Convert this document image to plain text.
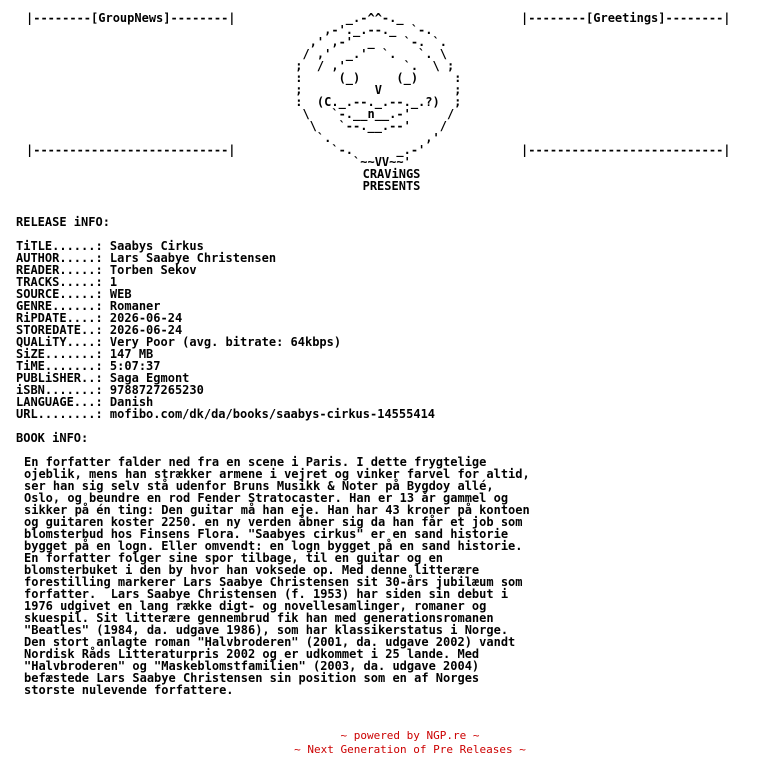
|--------[GroupNews]--------|	|--------[Greetings]--------|
_.-^^-._
,-'._.--._  `-.
,' ,-'  _    `-. `.
/ ,'  _.'  `.   `. \
;  / ,'        `.  \ ;
:     (_)     (_)     :
;          V          ;
:  (C._.--._.--._.?)  ;
\   `-.__n__.-'     /
\   `--.__.--'    /
`.             ,'
`-.      _.-'
`~~VV~~'
|---------------------------|	|---------------------------|
CRAViNGS
PRESENTS
RELEASE iNFO:
TiTLE......: Saabys Cirkus
AUTHOR.....: Lars Saabye Christensen
READER.....: Torben Sekov
TRACKS.....: 1
SOURCE.....: WEB
GENRE......: Romaner
RiPDATE....: 2026-06-24
STOREDATE..: 2026-06-24
QUALiTY....: Very Poor (avg. bitrate: 64kbps)
SiZE.......: 147 MB
TiME.......: 5:07:37
PUBLiSHER..: Saga Egmont
iSBN.......: 9788727265230
LANGUAGE...: Danish
URL........: mofibo.com/dk/da/books/saabys-cirkus-14555414
BOOK iNFO:
En forfatter falder ned fra en scene i Paris. I dette frygtelige
ojeblik, mens han strækker armene i vejret og vinker farvel for altid,
ser han sig selv stå udenfor Bruns Musikk & Noter på Bygdoy allé,
Oslo, og beundre en rod Fender Stratocaster. Han er 13 år gammel og
sikker på én ting: Den guitar må han eje. Han har 43 kroner på kontoen
og guitaren koster 2250. en ny verden åbner sig da han får et job som
blomsterbud hos Finsens Flora. "Saabyes cirkus" er en sand historie
bygget på en logn. Eller omvendt: en logn bygget på en sand historie.
En forfatter folger sine spor tilbage, til en guitar og en
blomsterbuket i den by hvor han voksede op. Med denne litterære
forestilling markerer Lars Saabye Christensen sit 30-års jubilæum som
forfatter.  Lars Saabye Christensen (f. 1953) har siden sin debut i
1976 udgivet en lang række digt- og novellesamlinger, romaner og
skuespil. Sit litterære gennembrud fik han med generationsromanen
"Beatles" (1984, da. udgave 1986), som har klassikerstatus i Norge.
Den stort anlagte roman "Halvbroderen" (2001, da. udgave 2002) vandt
Nordisk Råds Litteraturpris 2002 og er udkommet i 25 lande. Med
"Halvbroderen" og "Maskeblomstfamilien" (2003, da. udgave 2004)
befæstede Lars Saabye Christensen sin position som en af Norges
storste nulevende forfattere.
~ powered by NGP.re ~
~ Next Generation of Pre Releases ~
